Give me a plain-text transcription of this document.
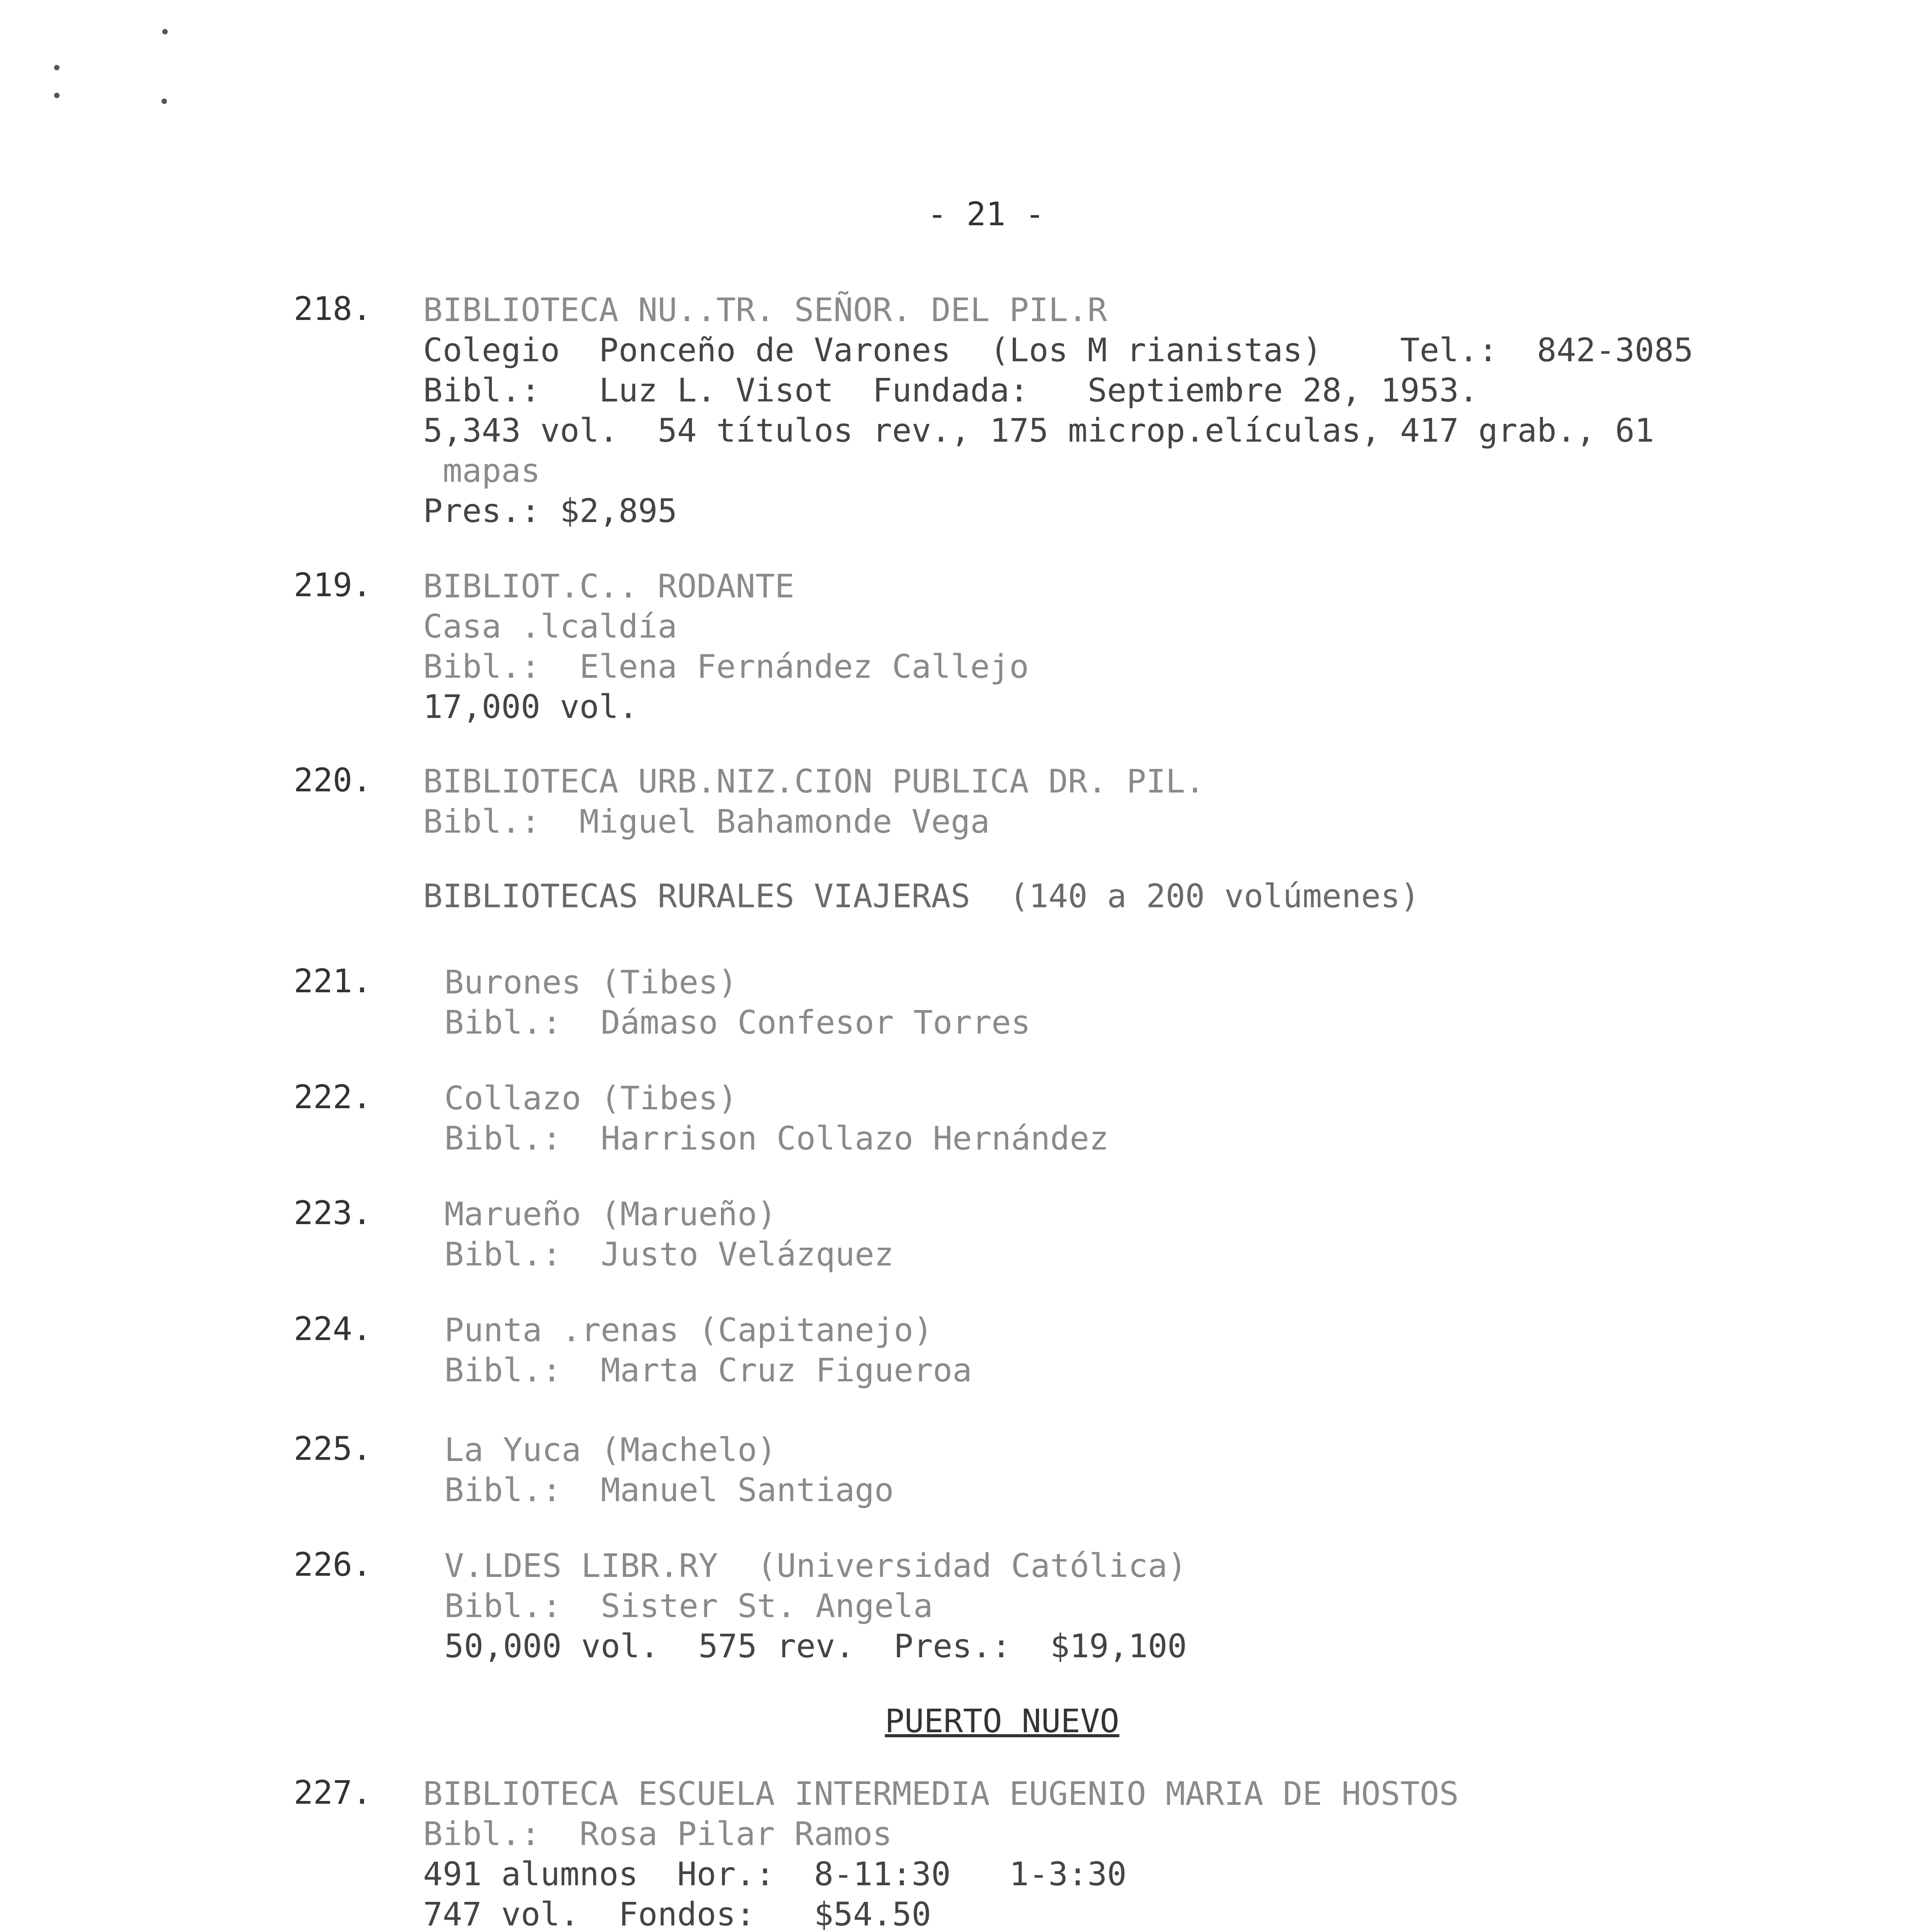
- 21 -
218. BIBLIOTECA NU..TR. SEÑOR. DEL PIL.R
Colegio  Ponceño de Varones  (Los M rianistas)    Tel.:  842-3085
Bibl.:   Luz L. Visot  Fundada:   Septiembre 28, 1953.
5,343 vol.  54 títulos rev., 175 microp.elículas, 417 grab., 61
mapas
Pres.: $2,895
219. BIBLIOT.C.. RODANTE
Casa .lcaldía
Bibl.:  Elena Fernández Callejo
17,000 vol.
220. BIBLIOTECA URB.NIZ.CION PUBLICA DR. PIL.
Bibl.:  Miguel Bahamonde Vega
BIBLIOTECAS RURALES VIAJERAS  (140 a 200 volúmenes)
221. Burones (Tibes)
Bibl.:  Dámaso Confesor Torres
222. Collazo (Tibes)
Bibl.:  Harrison Collazo Hernández
223. Marueño (Marueño)
Bibl.:  Justo Velázquez
224. Punta .renas (Capitanejo)
Bibl.:  Marta Cruz Figueroa
225. La Yuca (Machelo)
Bibl.:  Manuel Santiago
226. V.LDES LIBR.RY  (Universidad Católica)
Bibl.:  Sister St. Angela
50,000 vol.  575 rev.  Pres.:  $19,100
PUERTO NUEVO
227. BIBLIOTECA ESCUELA INTERMEDIA EUGENIO MARIA DE HOSTOS
Bibl.:  Rosa Pilar Ramos
491 alumnos  Hor.:  8-11:30   1-3:30
747 vol.  Fondos:   $54.50
